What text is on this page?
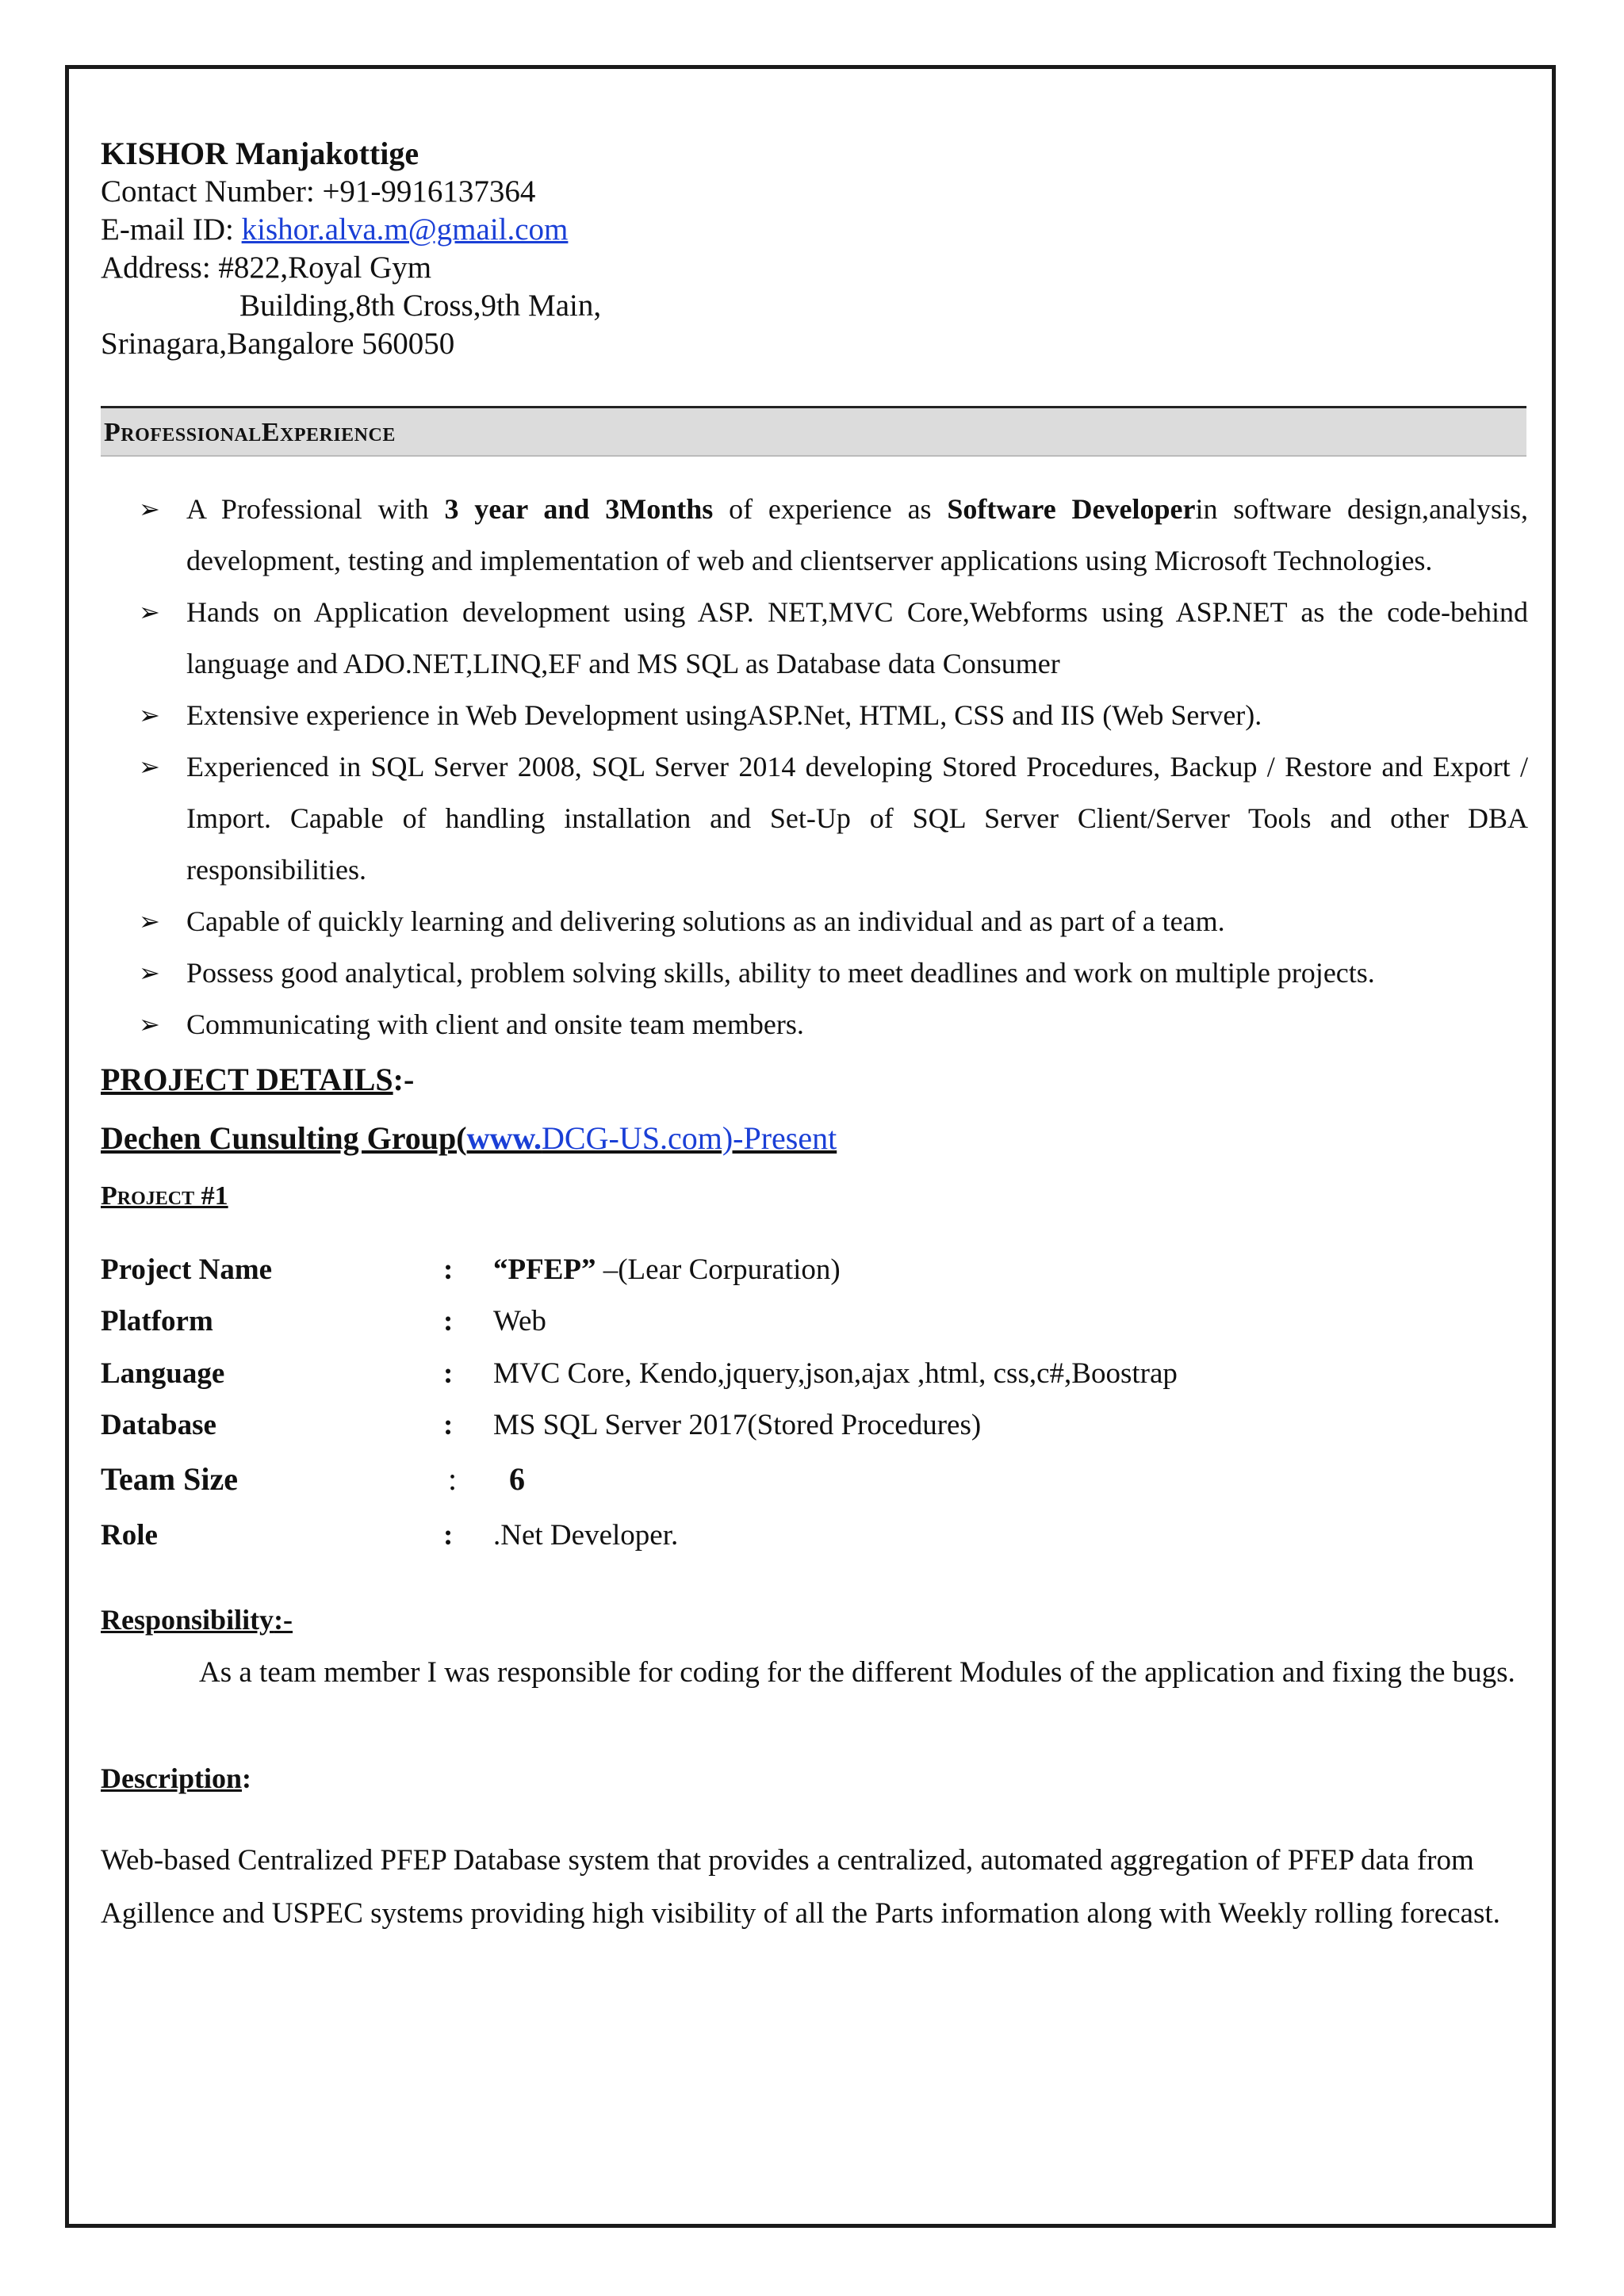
KISHOR Manjakottige
Contact Number: +91-9916137364
E-mail ID: kishor.alva.m@gmail.com
Address: #822,Royal Gym
Building,8th Cross,9th Main,
Srinagara,Bangalore 560050
ProfessionalExperience
➢ A Professional with 3 year and 3Months of experience as Software Developerin software design,analysis, development, testing and implementation of web and clientserver applications using Microsoft Technologies.
➢ Hands on Application development using ASP. NET,MVC Core,Webforms using ASP.NET as the code-behind language and ADO.NET,LINQ,EF and MS SQL as Database data Consumer
➢ Extensive experience in Web Development usingASP.Net, HTML, CSS and IIS (Web Server).
➢ Experienced in SQL Server 2008, SQL Server 2014 developing Stored Procedures, Backup / Restore and Export / Import. Capable of handling installation and Set-Up of SQL Server Client/Server Tools and other DBA responsibilities.
➢ Capable of quickly learning and delivering solutions as an individual and as part of a team.
➢ Possess good analytical, problem solving skills, ability to meet deadlines and work on multiple projects.
➢ Communicating with client and onsite team members.
PROJECT DETAILS:-
Dechen Cunsulting Group(www.DCG-US.com)-Present
Project #1
Project Name	: “PFEP” –(Lear Corpuration)
Platform	: Web
Language	: MVC Core, Kendo,jquery,json,ajax ,html, css,c#,Boostrap
Database	: MS SQL Server 2017(Stored Procedures)
Team Size	: 6
Role	: .Net Developer.
Responsibility:-
As a team member I was responsible for coding for the different Modules of the application and fixing the bugs.
Description:
Web-based Centralized PFEP Database system that provides a centralized, automated aggregation of PFEP data from Agillence and USPEC systems providing high visibility of all the Parts information along with Weekly rolling forecast.
